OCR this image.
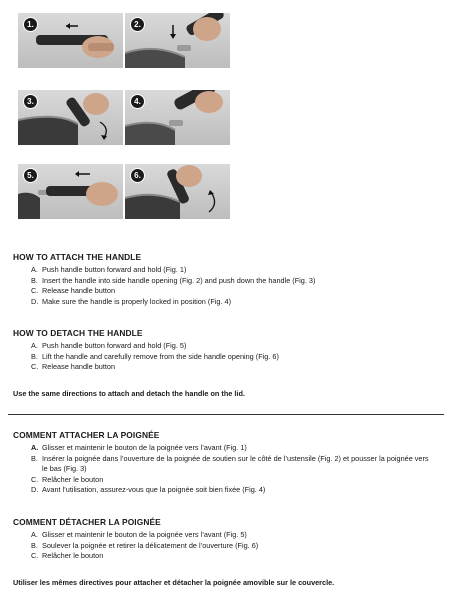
1.	2.
3.	4.
5.	6.
HOW TO ATTACH THE HANDLE
A. Push handle button forward and hold (Fig. 1)
B. Insert the handle into side handle opening (Fig. 2) and push down the handle (Fig. 3)
C. Release handle button
D. Make sure the handle is properly locked in position (Fig. 4)
HOW TO DETACH THE HANDLE
A. Push handle button forward and hold (Fig. 5)
B. Lift the handle and carefully remove from the side handle opening (Fig. 6)
C. Release handle button
Use the same directions to attach and detach the handle on the lid.
COMMENT ATTACHER LA POIGNÉE
A. Glisser et maintenir le bouton de la poignée vers l’avant (Fig. 1)
B. Insérer la poignée dans l’ouverture de la poignée de soutien sur le côté de l’ustensile (Fig. 2) et pousser la poignée vers le bas (Fig. 3)
C. Relâcher le bouton
D. Avant l’utilisation, assurez-vous que la poignée soit bien fixée (Fig. 4)
COMMENT DÉTACHER LA POIGNÉE
A. Glisser et maintenir le bouton de la poignée vers l’avant (Fig. 5)
B. Soulever la poignée et retirer la délicatement de l’ouverture (Fig. 6)
C. Relâcher le bouton
Utiliser les mêmes directives pour attacher et détacher la poignée amovible sur le couvercle.
